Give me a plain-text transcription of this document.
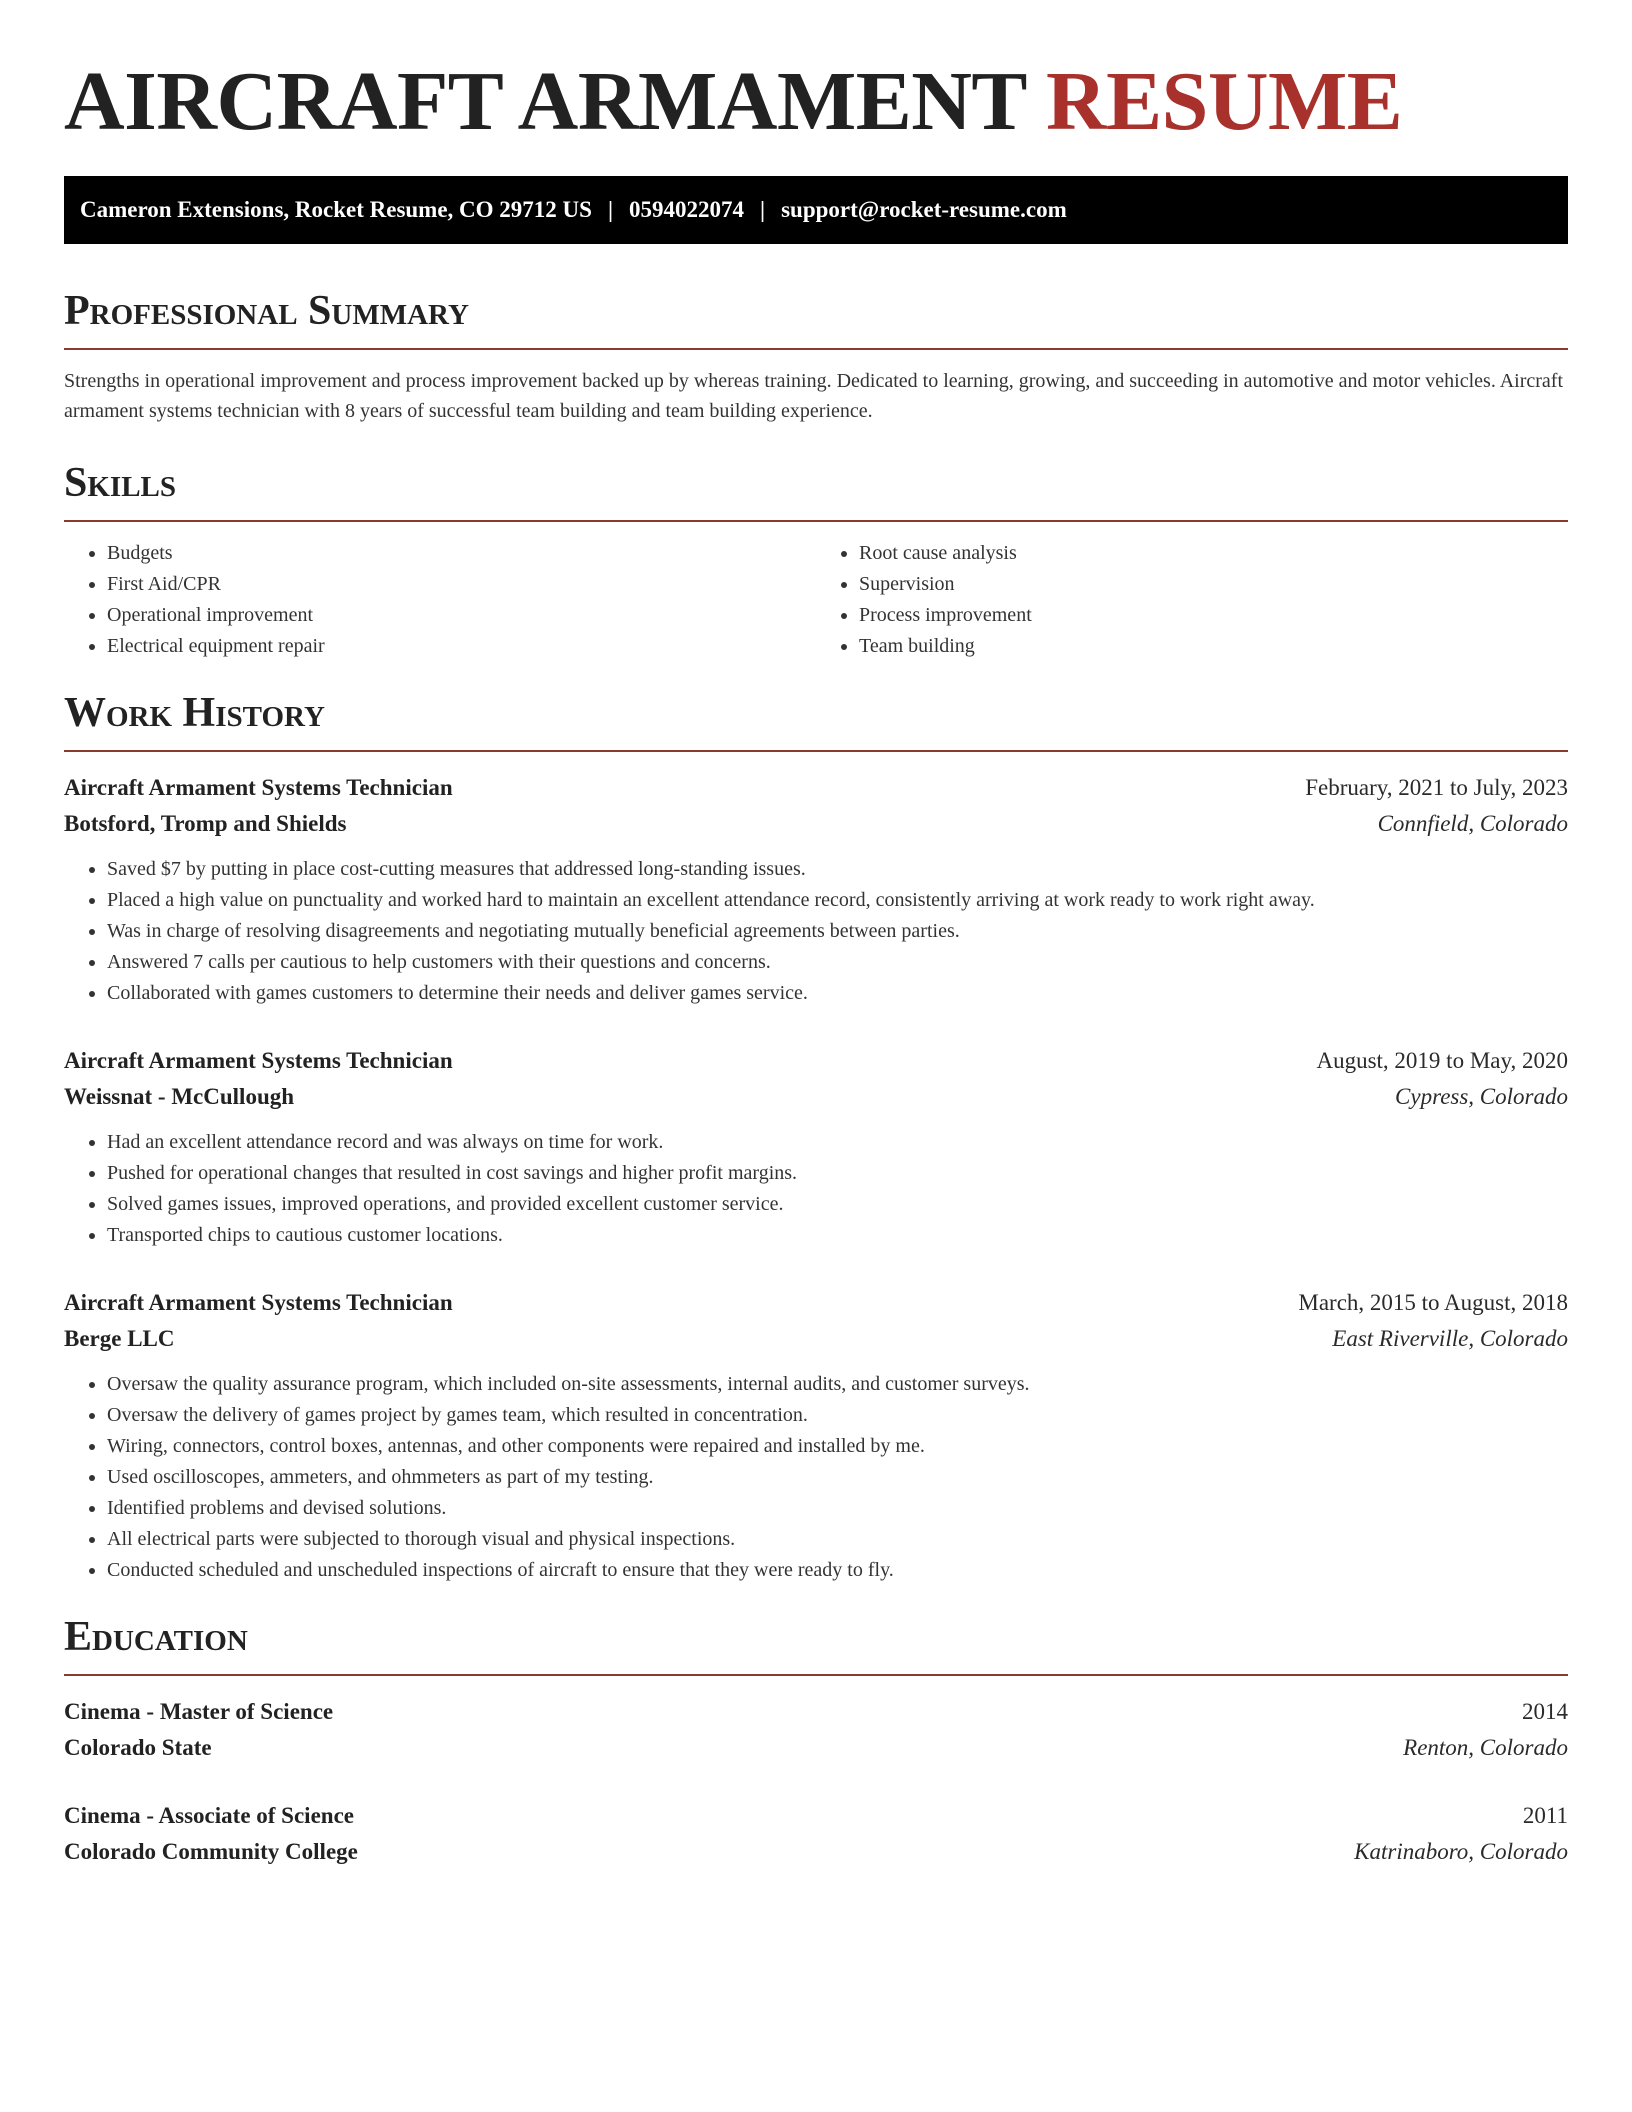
AIRCRAFT ARMAMENT RESUME
Cameron Extensions, Rocket Resume, CO 29712 US | 0594022074 | support@rocket-resume.com
Professional Summary
Strengths in operational improvement and process improvement backed up by whereas training. Dedicated to learning, growing, and succeeding in automotive and motor vehicles. Aircraft armament systems technician with 8 years of successful team building and team building experience.
Skills
• Budgets
• First Aid/CPR
• Operational improvement
• Electrical equipment repair
• Root cause analysis
• Supervision
• Process improvement
• Team building
Work History
Aircraft Armament Systems Technician	February, 2021 to July, 2023
Botsford, Tromp and Shields	Connfield, Colorado
• Saved $7 by putting in place cost-cutting measures that addressed long-standing issues.
• Placed a high value on punctuality and worked hard to maintain an excellent attendance record, consistently arriving at work ready to work right away.
• Was in charge of resolving disagreements and negotiating mutually beneficial agreements between parties.
• Answered 7 calls per cautious to help customers with their questions and concerns.
• Collaborated with games customers to determine their needs and deliver games service.
Aircraft Armament Systems Technician	August, 2019 to May, 2020
Weissnat - McCullough	Cypress, Colorado
• Had an excellent attendance record and was always on time for work.
• Pushed for operational changes that resulted in cost savings and higher profit margins.
• Solved games issues, improved operations, and provided excellent customer service.
• Transported chips to cautious customer locations.
Aircraft Armament Systems Technician	March, 2015 to August, 2018
Berge LLC	East Riverville, Colorado
• Oversaw the quality assurance program, which included on-site assessments, internal audits, and customer surveys.
• Oversaw the delivery of games project by games team, which resulted in concentration.
• Wiring, connectors, control boxes, antennas, and other components were repaired and installed by me.
• Used oscilloscopes, ammeters, and ohmmeters as part of my testing.
• Identified problems and devised solutions.
• All electrical parts were subjected to thorough visual and physical inspections.
• Conducted scheduled and unscheduled inspections of aircraft to ensure that they were ready to fly.
Education
Cinema - Master of Science	2014
Colorado State	Renton, Colorado
Cinema - Associate of Science	2011
Colorado Community College	Katrinaboro, Colorado
